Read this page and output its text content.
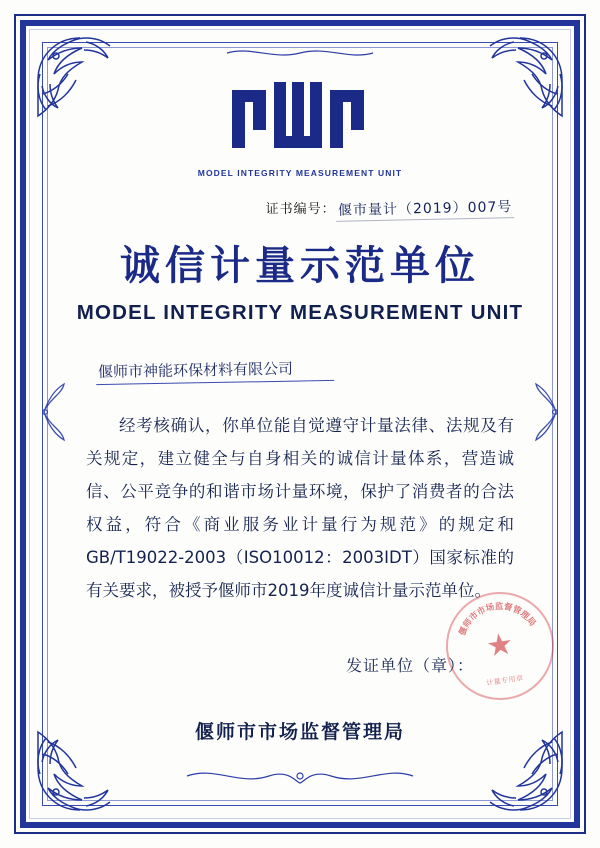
MODEL INTEGRITY MEASUREMENT UNIT
证书编号： 偃市量计（2019）007号
诚信计量示范单位
MODEL INTEGRITY MEASUREMENT UNIT
偃师市神能环保材料有限公司

经考核确认，你单位能自觉遵守计量法律、法规及有关规定，建立健全与自身相关的诚信计量体系，营造诚信、公平竞争的和谐市场计量环境，保护了消费者的合法权益，符合《商业服务业计量行为规范》的规定和GB/T19022-2003（ISO10012：2003IDT）国家标准的有关要求，被授予偃师市2019年度诚信计量示范单位。

发证单位（章）：
偃师市市场监督管理局
★
计量专用章
偃
师
市
市
场 监 督
管
理
局
